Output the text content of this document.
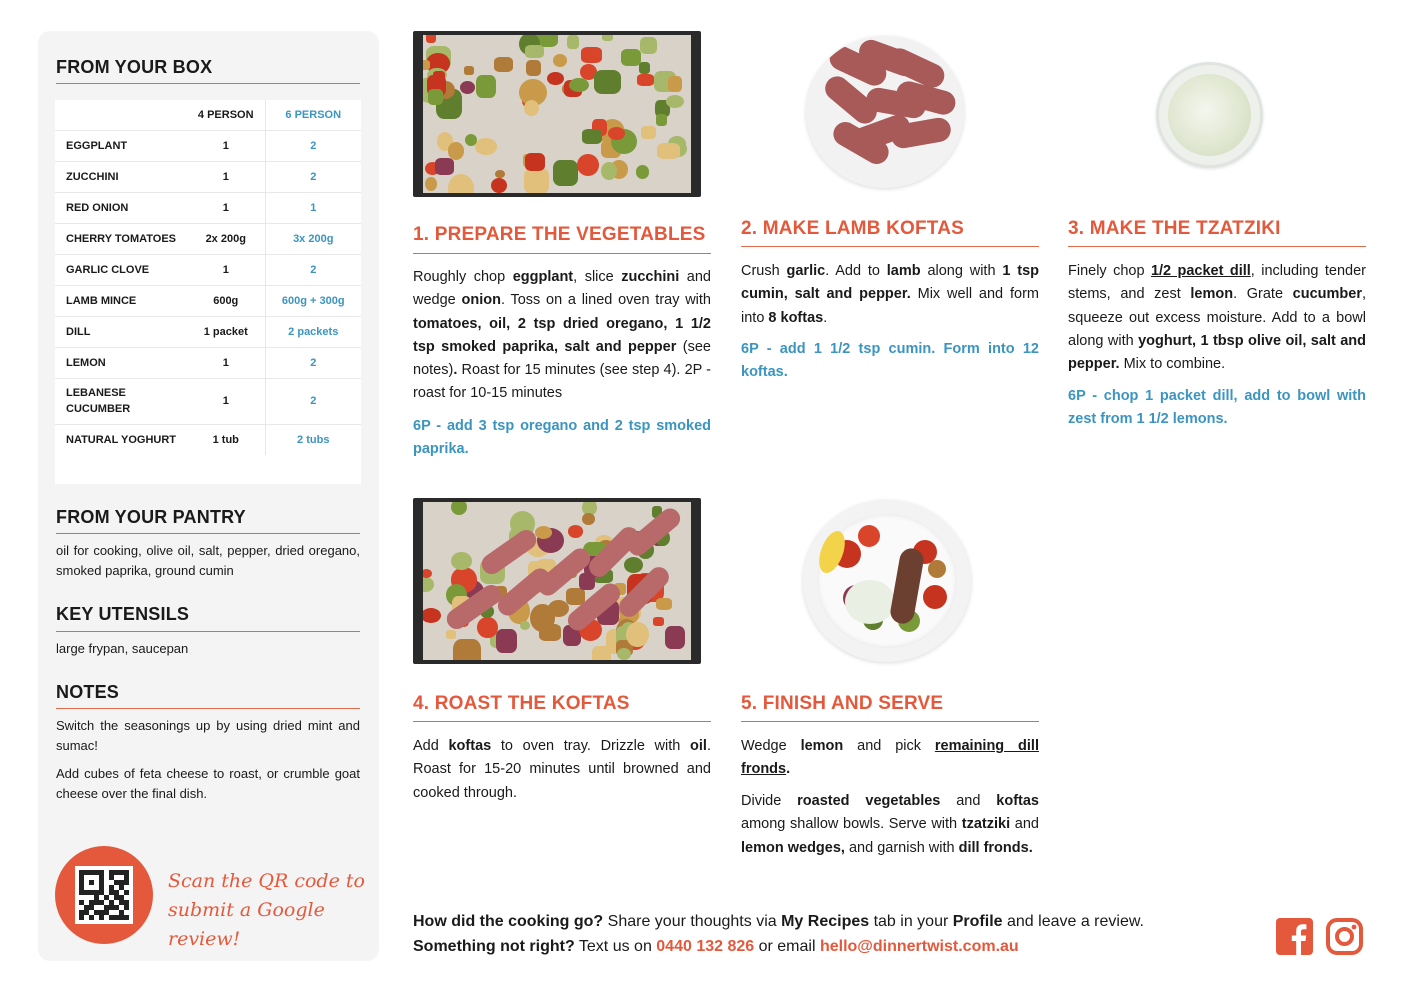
FROM YOUR BOX
	4 PERSON	6 PERSON
EGGPLANT	1	2
ZUCCHINI	1	2
RED ONION	1	1
CHERRY TOMATOES	2x 200g	3x 200g
GARLIC CLOVE	1	2
LAMB MINCE	600g	600g + 300g
DILL	1 packet	2 packets
LEMON	1	2

LEBANESE
CUCUMBER	1	2
NATURAL YOGHURT	1 tub	2 tubs
FROM YOUR PANTRY
oil for cooking, olive oil, salt, pepper, dried oregano, smoked paprika, ground cumin
KEY UTENSILS
large frypan, saucepan
NOTES
Switch the seasonings up by using dried mint and sumac!
Add cubes of feta cheese to roast, or crumble goat cheese over the final dish.
Scan the QR code to
submit a Google review!
1. PREPARE THE VEGETABLES
Roughly chop eggplant, slice zucchini and wedge onion. Toss on a lined oven tray with tomatoes, oil, 2 tsp dried oregano, 1 1/2 tsp smoked paprika, salt and pepper (see notes). Roast for 15 minutes (see step 4). 2P - roast for 10-15 minutes
6P - add 3 tsp oregano and 2 tsp smoked paprika.
2. MAKE LAMB KOFTAS
Crush garlic. Add to lamb along with 1 tsp cumin, salt and pepper. Mix well and form into 8 koftas.
6P - add 1 1/2 tsp cumin. Form into 12 koftas.
3. MAKE THE TZATZIKI
Finely chop 1/2 packet dill, including tender stems, and zest lemon. Grate cucumber, squeeze out excess moisture. Add to a bowl along with yoghurt, 1 tbsp olive oil, salt and pepper. Mix to combine.
6P - chop 1 packet dill, add to bowl with zest from 1 1/2 lemons.
4. ROAST THE KOFTAS
Add koftas to oven tray. Drizzle with oil. Roast for 15-20 minutes until browned and cooked through.
5. FINISH AND SERVE
Wedge lemon and pick remaining dill fronds.
Divide roasted vegetables and koftas among shallow bowls. Serve with tzatziki and lemon wedges, and garnish with dill fronds.
How did the cooking go? Share your thoughts via My Recipes tab in your Profile and leave a review.
Something not right? Text us on 0440 132 826 or email hello@dinnertwist.com.au
